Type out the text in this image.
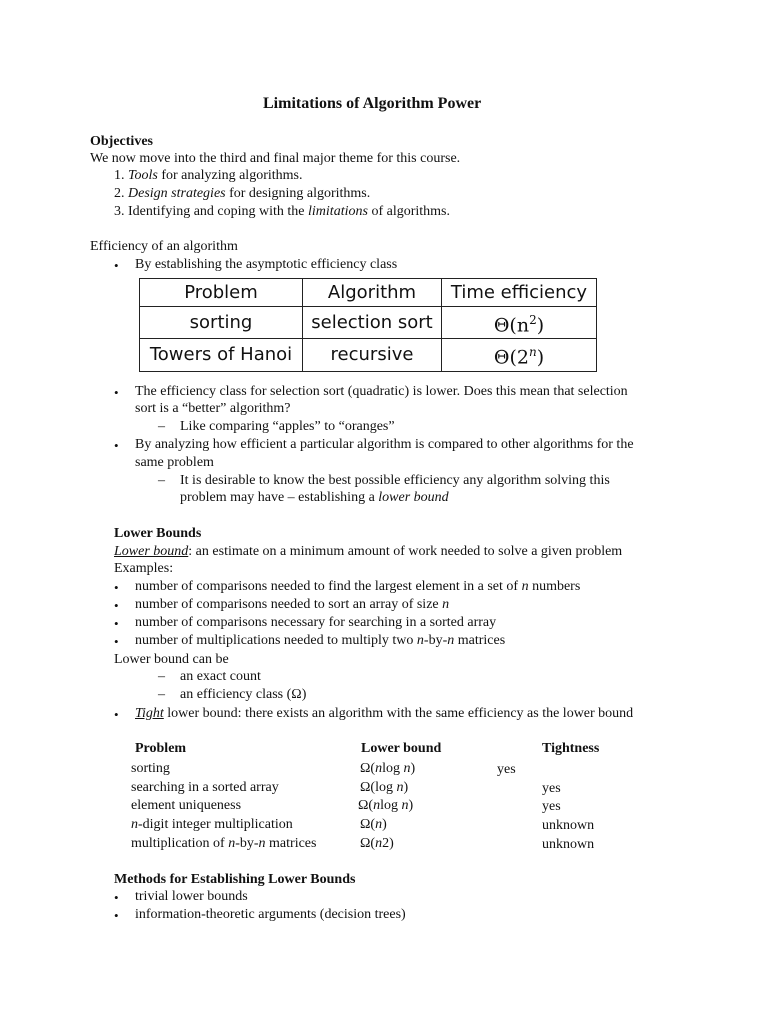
Limitations of Algorithm Power
Objectives
We now move into the third and final major theme for this course.
1. Tools for analyzing algorithms.
2. Design strategies for designing algorithms.
3. Identifying and coping with the limitations of algorithms.
Efficiency of an algorithm
• By establishing the asymptotic efficiency class
Problem	Algorithm	Time efficiency
sorting	selection sort	$\Theta(n^2)$
Towers of Hanoi	recursive	Θ(2$^n$)
• The efficiency class for selection sort (quadratic) is lower. Does this mean that selection
sort is a “better” algorithm?
– Like comparing “apples” to “oranges”
• By analyzing how efficient a particular algorithm is compared to other algorithms for the
same problem
– It is desirable to know the best possible efficiency any algorithm solving this
problem may have – establishing a lower bound
Lower Bounds
Lower bound: an estimate on a minimum amount of work needed to solve a given problem
Examples:
• number of comparisons needed to find the largest element in a set of n numbers
• number of comparisons needed to sort an array of size n
• number of comparisons necessary for searching in a sorted array
• number of multiplications needed to multiply two n-by-n matrices
Lower bound can be
– an exact count
– an efficiency class (Ω)
• Tight lower bound: there exists an algorithm with the same efficiency as the lower bound
Problem	Lower bound	Tightness
sorting	Ω(nlog n)	yes
searching in a sorted array	Ω(log n)	yes
element uniqueness	Ω(nlog n)	yes
n-digit integer multiplication	Ω(n)	unknown
multiplication of n-by-n matrices	Ω(n2)	unknown
Methods for Establishing Lower Bounds
• trivial lower bounds
• information-theoretic arguments (decision trees)
